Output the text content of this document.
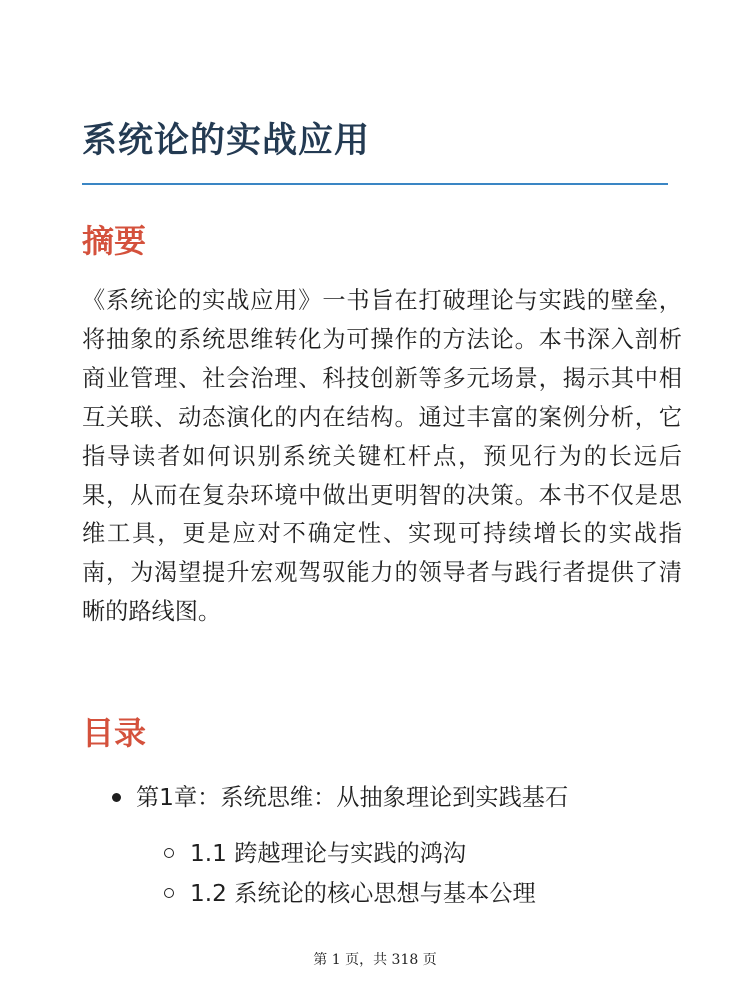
系统论的实战应用
摘要

《系统论的实战应用》一书旨在打破理论与实践的壁垒，将抽象的系统思维转化为可操作的方法论。本书深入剖析商业管理、社会治理、科技创新等多元场景，揭示其中相互关联、动态演化的内在结构。通过丰富的案例分析，它指导读者如何识别系统关键杠杆点，预见行为的长远后果，从而在复杂环境中做出更明智的决策。本书不仅是思维工具，更是应对不确定性、实现可持续增长的实战指南，为渴望提升宏观驾驭能力的领导者与践行者提供了清晰的路线图。

目录
第1章：系统思维：从抽象理论到实践基石
1.1 跨越理论与实践的鸿沟
1.2 系统论的核心思想与基本公理
第 1 页，共 318 页
